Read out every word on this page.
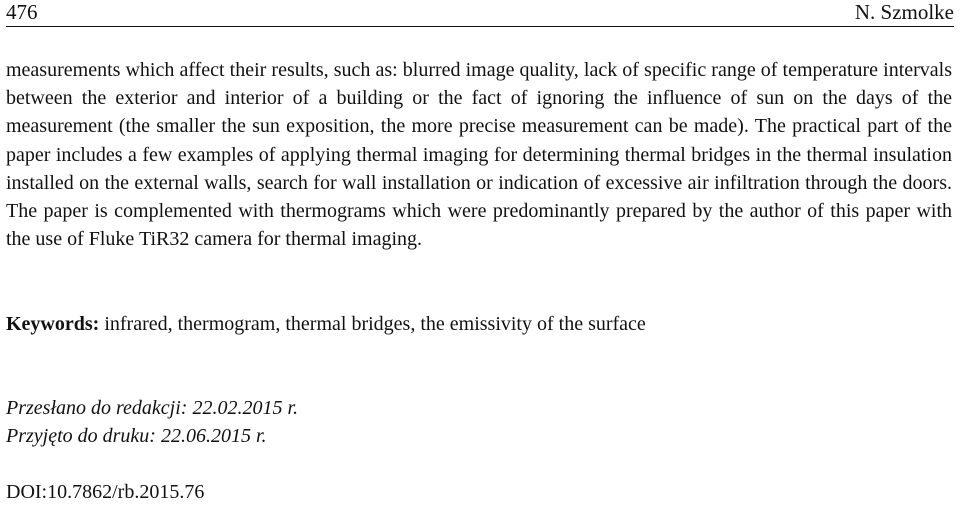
476	N. Szmolke

measurements which affect their results, such as: blurred image quality, lack of specific range of temperature intervals between the exterior and interior of a building or the fact of ignoring the influence of sun on the days of the measurement (the smaller the sun exposition, the more precise measurement can be made). The practical part of the paper includes a few examples of applying thermal imaging for determining thermal bridges in the thermal insulation installed on the external walls, search for wall installation or indication of excessive air infiltration through the doors. The paper is complemented with thermograms which were predominantly prepared by the author of this paper with the use of Fluke TiR32 camera for thermal imaging.

Keywords: infrared, thermogram, thermal bridges, the emissivity of the surface
Przesłano do redakcji: 22.02.2015 r.
Przyjęto do druku: 22.06.2015 r.
DOI:10.7862/rb.2015.76
